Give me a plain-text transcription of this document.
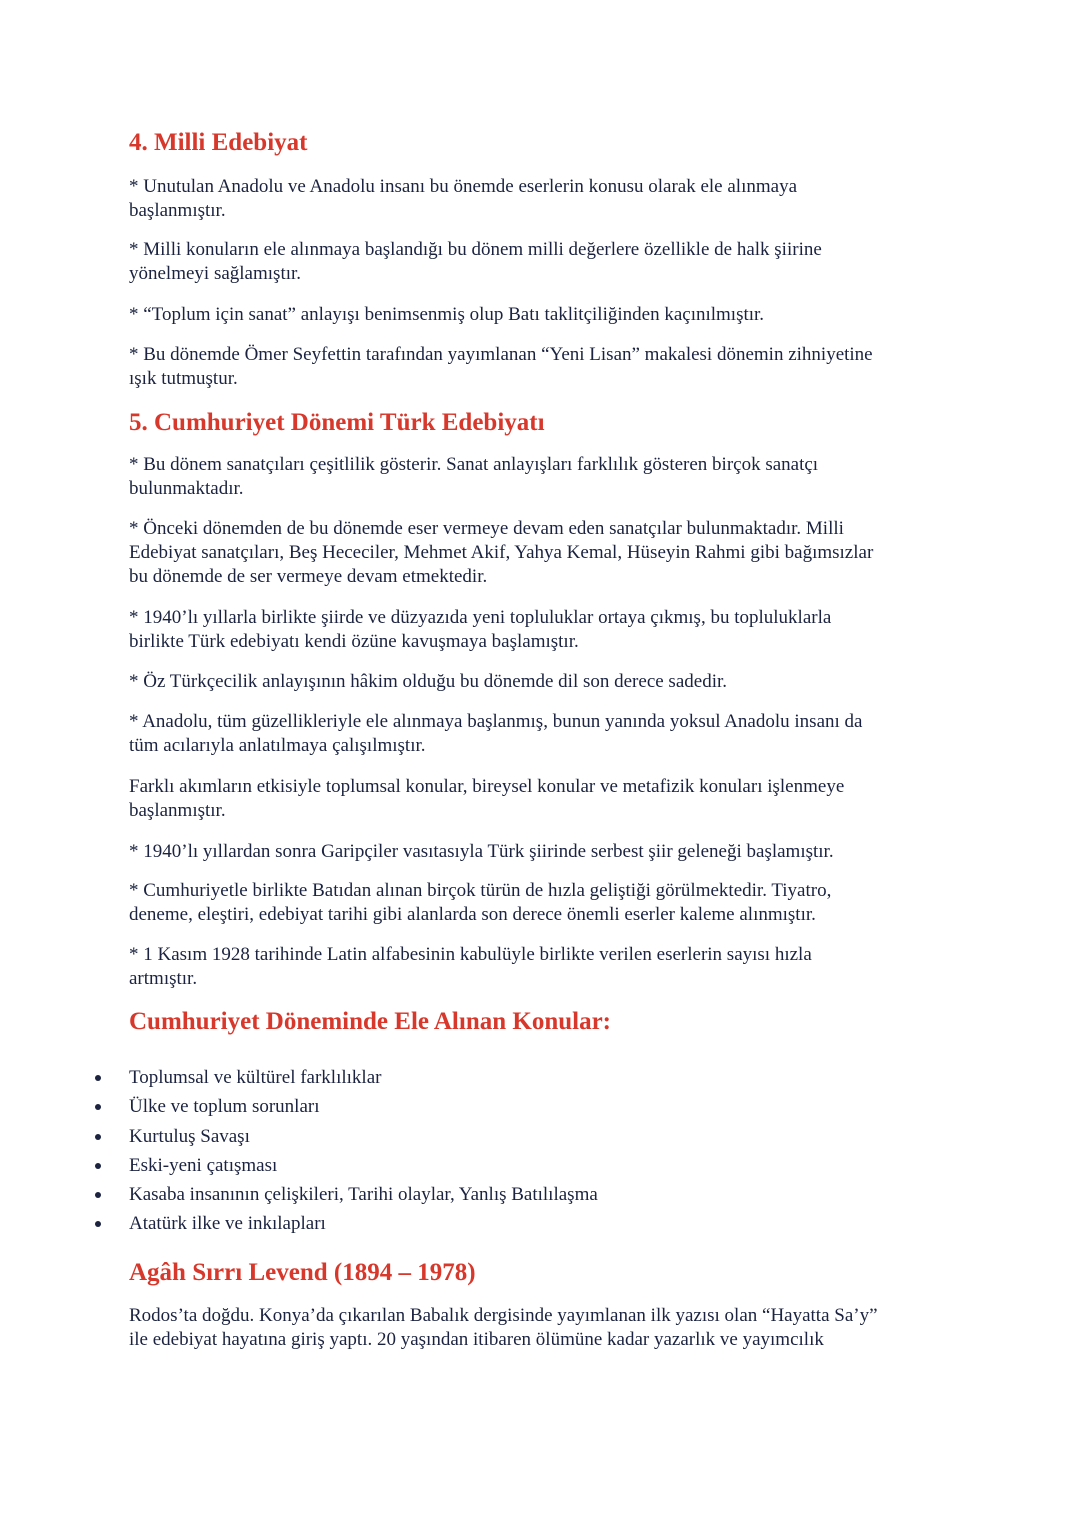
4. Milli Edebiyat
* Unutulan Anadolu ve Anadolu insanı bu önemde eserlerin konusu olarak ele alınmaya
başlanmıştır.
* Milli konuların ele alınmaya başlandığı bu dönem milli değerlere özellikle de halk şiirine
yönelmeyi sağlamıştır.
* “Toplum için sanat” anlayışı benimsenmiş olup Batı taklitçiliğinden kaçınılmıştır.
* Bu dönemde Ömer Seyfettin tarafından yayımlanan “Yeni Lisan” makalesi dönemin zihniyetine
ışık tutmuştur.
5. Cumhuriyet Dönemi Türk Edebiyatı
* Bu dönem sanatçıları çeşitlilik gösterir. Sanat anlayışları farklılık gösteren birçok sanatçı
bulunmaktadır.
* Önceki dönemden de bu dönemde eser vermeye devam eden sanatçılar bulunmaktadır. Milli
Edebiyat sanatçıları, Beş Hececiler, Mehmet Akif, Yahya Kemal, Hüseyin Rahmi gibi bağımsızlar
bu dönemde de ser vermeye devam etmektedir.
* 1940’lı yıllarla birlikte şiirde ve düzyazıda yeni topluluklar ortaya çıkmış, bu topluluklarla
birlikte Türk edebiyatı kendi özüne kavuşmaya başlamıştır.
* Öz Türkçecilik anlayışının hâkim olduğu bu dönemde dil son derece sadedir.
* Anadolu, tüm güzellikleriyle ele alınmaya başlanmış, bunun yanında yoksul Anadolu insanı da
tüm acılarıyla anlatılmaya çalışılmıştır.
Farklı akımların etkisiyle toplumsal konular, bireysel konular ve metafizik konuları işlenmeye
başlanmıştır.
* 1940’lı yıllardan sonra Garipçiler vasıtasıyla Türk şiirinde serbest şiir geleneği başlamıştır.
* Cumhuriyetle birlikte Batıdan alınan birçok türün de hızla geliştiği görülmektedir. Tiyatro,
deneme, eleştiri, edebiyat tarihi gibi alanlarda son derece önemli eserler kaleme alınmıştır.
* 1 Kasım 1928 tarihinde Latin alfabesinin kabulüyle birlikte verilen eserlerin sayısı hızla
artmıştır.
Cumhuriyet Döneminde Ele Alınan Konular:
Toplumsal ve kültürel farklılıklar
Ülke ve toplum sorunları
Kurtuluş Savaşı
Eski-yeni çatışması
Kasaba insanının çelişkileri, Tarihi olaylar, Yanlış Batılılaşma
Atatürk ilke ve inkılapları
Agâh Sırrı Levend (1894 – 1978)
Rodos’ta doğdu. Konya’da çıkarılan Babalık dergisinde yayımlanan ilk yazısı olan “Hayatta Sa’y”
ile edebiyat hayatına giriş yaptı. 20 yaşından itibaren ölümüne kadar yazarlık ve yayımcılık
